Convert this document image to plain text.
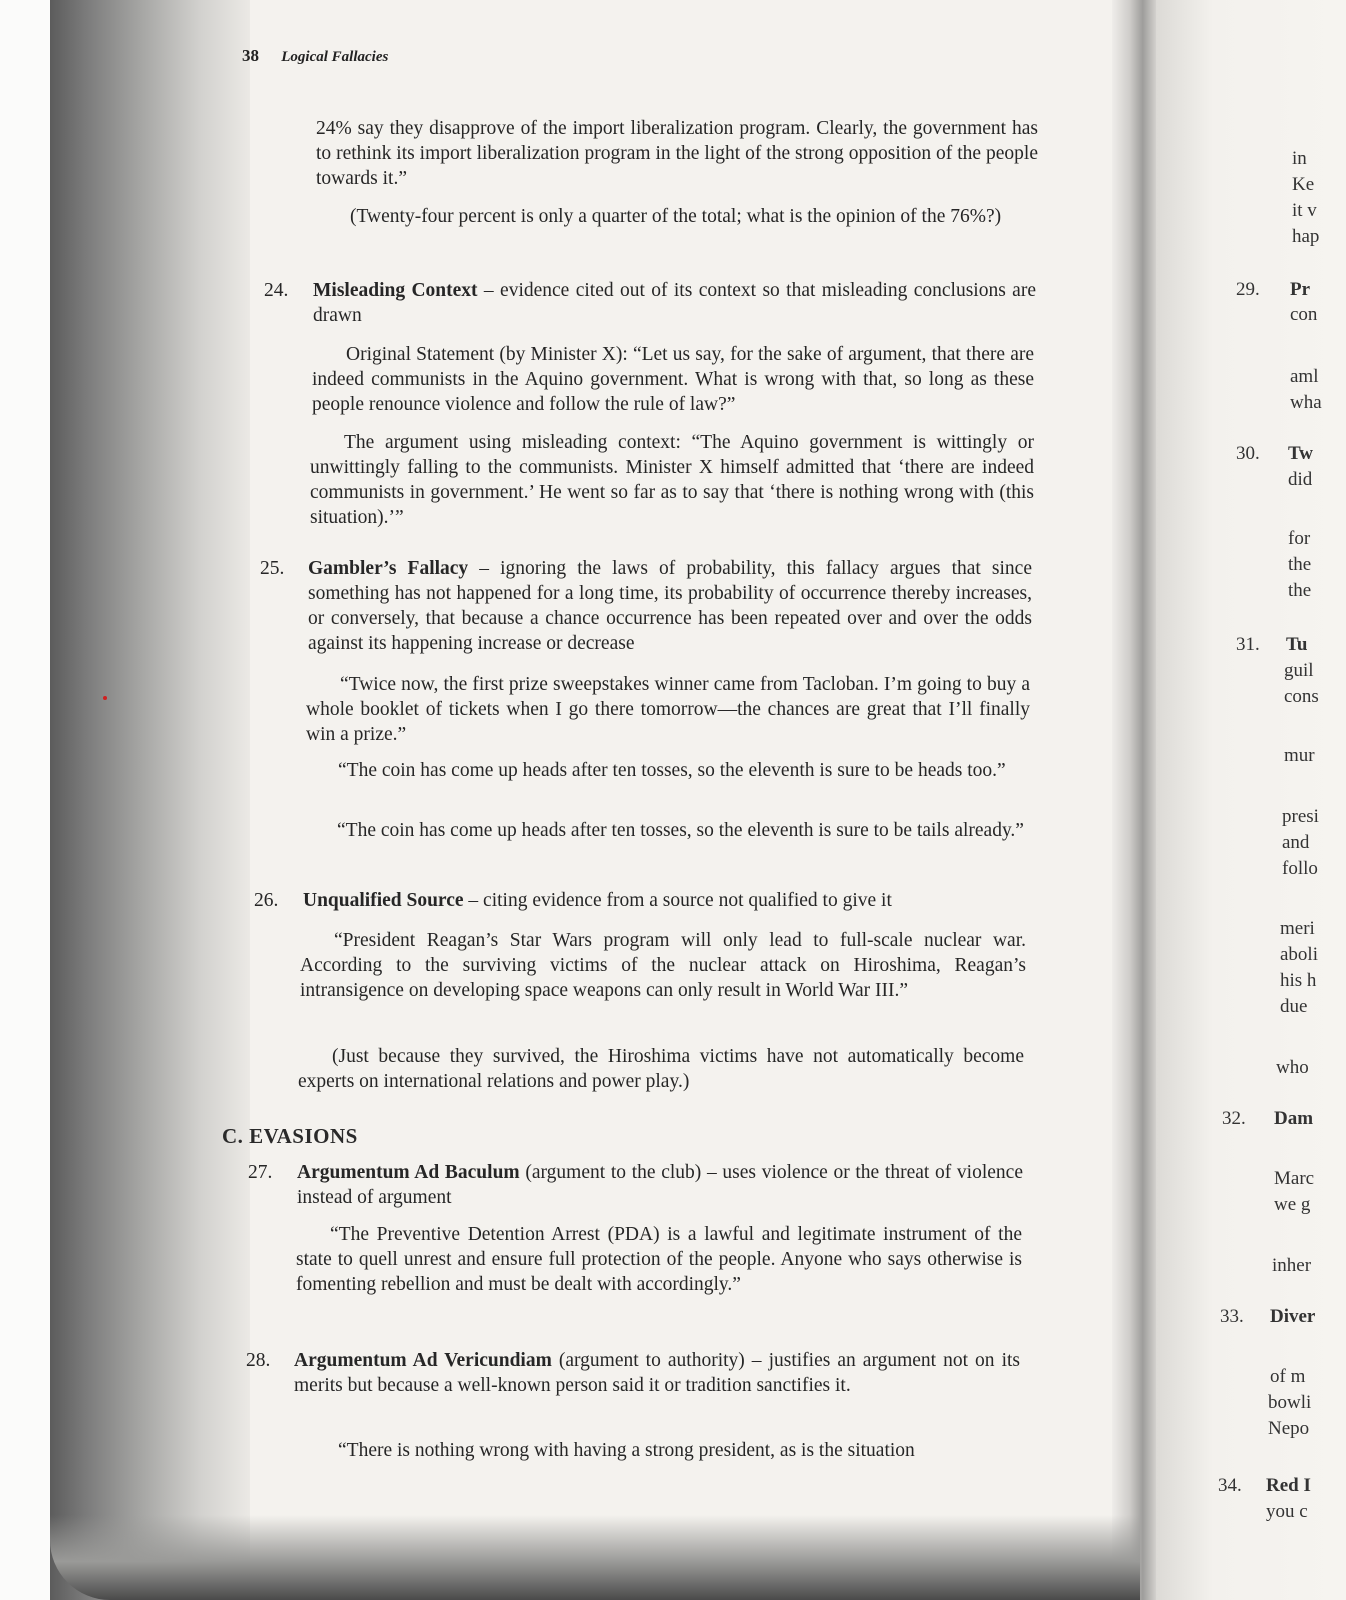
in
Ke
it v
hap
29. Pr
con
aml
wha
30. Tw
did
for
the
the
31. Tu
guil
cons
mur
presi
and
follo
meri
aboli
his h
due
who
32. Dam
Marc
we g
inher
33. Diver
of m
bowli
Nepo
34. Red I
you c
38 Logical Fallacies

24% say they disapprove of the import liberalization program. Clearly, the government has to rethink its import liberalization program in the light of the strong opposition of the people towards it.”

(Twenty-four percent is only a quarter of the total; what is the opinion of the 76%?)

24. Misleading Context – evidence cited out of its context so that misleading conclusions are drawn

Original Statement (by Minister X): “Let us say, for the sake of argument, that there are indeed communists in the Aquino government. What is wrong with that, so long as these people renounce violence and follow the rule of law?”

The argument using misleading context: “The Aquino government is wittingly or unwittingly falling to the communists. Minister X himself admitted that ‘there are indeed communists in government.’ He went so far as to say that ‘there is nothing wrong with (this situation).’”

25. Gambler’s Fallacy – ignoring the laws of probability, this fallacy argues that since something has not happened for a long time, its probability of occurrence thereby increases, or conversely, that because a chance occurrence has been repeated over and over the odds against its happening increase or decrease

“Twice now, the first prize sweepstakes winner came from Tacloban. I’m going to buy a whole booklet of tickets when I go there tomorrow—the chances are great that I’ll finally win a prize.”

“The coin has come up heads after ten tosses, so the eleventh is sure to be heads too.”

“The coin has come up heads after ten tosses, so the eleventh is sure to be tails already.”

26. Unqualified Source – citing evidence from a source not qualified to give it

“President Reagan’s Star Wars program will only lead to full-scale nuclear war. According to the surviving victims of the nuclear attack on Hiroshima, Reagan’s intransigence on developing space weapons can only result in World War III.”

(Just because they survived, the Hiroshima victims have not automatically become experts on international relations and power play.)

C. EVASIONS
27. Argumentum Ad Baculum (argument to the club) – uses violence or the threat of violence instead of argument

“The Preventive Detention Arrest (PDA) is a lawful and legitimate instrument of the state to quell unrest and ensure full protection of the people. Anyone who says otherwise is fomenting rebellion and must be dealt with accordingly.”

28. Argumentum Ad Vericundiam (argument to authority) – justifies an argument not on its merits but because a well-known person said it or tradition sanctifies it.

“There is nothing wrong with having a strong president, as is the situation
